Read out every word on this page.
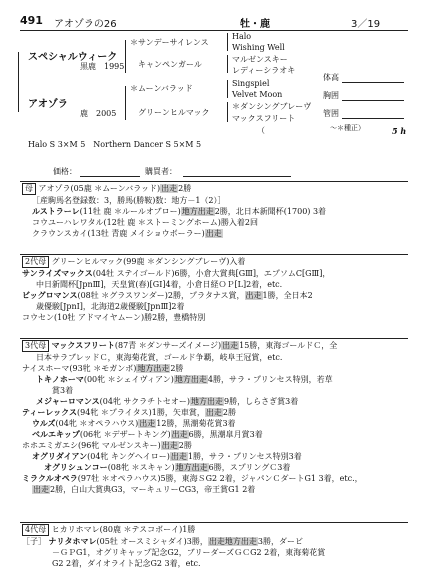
491 アオゾラの26	牡・鹿	3／19
スペシャルウィーク
黒鹿　1995
＊サンデーサイレンス
キャンペンガール
Halo
Wishing Well
マルゼンスキー
レディーシラオキ
アオゾラ
鹿　2005
＊ムーンバラッド
グリーンヒルマック
Singspiel
Velvet Moon
＊ダンシングブレーヴ
マックスフリート
（
体高
胸囲
管囲
〜＊種正）	5 h
Halo S 3×M 5　Northern Dancer S 5×M 5
価格：	購買者：
母 アオゾラ(05鹿 ＊ムーンバラッド)出走2勝
［産駒馬名登録数：3，勝馬(勝鞍)数：地方－1（2）］
ルストラーレ(11牡 鹿 ＊ルールオブロー)地方出走2勝，北日本新聞杯(1700) 3着
コウユーハレワタル(12牡 鹿 ＊ストーミングホーム)勝入着2回
クラウンスカイ(13牡 青鹿 メイショウボーラー)出走
2代母 グリーンヒルマック(99鹿 ＊ダンシングブレーヴ)入着
サンライズマックス(04牡 ステイゴールド)6勝，小倉大賞典[GⅢ]，エプソムC[GⅢ]，
中日新聞杯[JpnⅢ]，天皇賞(春)[GⅠ]4着，小倉日経ＯＰ[L]2着，etc.
ビッグロマンス(08牡 ＊グラスワンダー)2勝，プラタナス賞，出走1勝，全日本2
歳優駿[JpnⅠ]，北海道2歳優駿[JpnⅢ]2着
コウセン(10牡 アドマイヤムーン)勝2勝，豊橋特別
3代母 マックスフリート(87青 ＊ダンサーズイメージ)出走15勝，東海ゴールドＣ，全
日本サラブレッドＣ，東海菊花賞，ゴールド争覇，岐阜王冠賞，etc.
ナイスホーマ(93牝 ＊モガンボ)地方出走2勝
トキノホーマ(00牝 ＊シェイヴィアン)地方出走4勝，サラ・プリンセス特別，若草
賞3着
メジャーロマンス(04牝 サクラチトセオー)地方出走9勝，しらさぎ賞3着
ティーレックス(94牝 ＊プライタス)1勝，矢車賞，出走2勝
ウルズ(04牝 ＊オペラハウス)出走12勝，黒潮菊花賞3着
ベルエキップ(06牝 ＊デザートキング)出走6勝，黒潮皐月賞3着
ホホエミガエシ(96牝 マルゼンスキー)出走2勝
オグリダイアン(04牝 キングヘイロー)出走1勝，サラ・プリンセス特別3着
オグリシュンコー(08牝 ＊スキャン)地方出走6勝，スプリングＣ3着
ミラクルオペラ(97牡 ＊オペラハウス)5勝，東海ＳG2 2着，ジャパンＣダートG1 3着，etc.，
出走2勝，白山大賞典G3，マーキュリーCG3，帝王賞G1 2着
4代母 ヒカリホマレ(80鹿 ＊テスコボーイ)1勝
［子］ ナリタホマレ(05牡 オースミシャダイ)3勝，出走地方出走3勝，ダービ
－ＧＰG1，オグリキャップ記念G2，ブリーダーズＧＣG2 2着，東海菊花賞
G2 2着，ダイオライト記念G2 3着，etc.
